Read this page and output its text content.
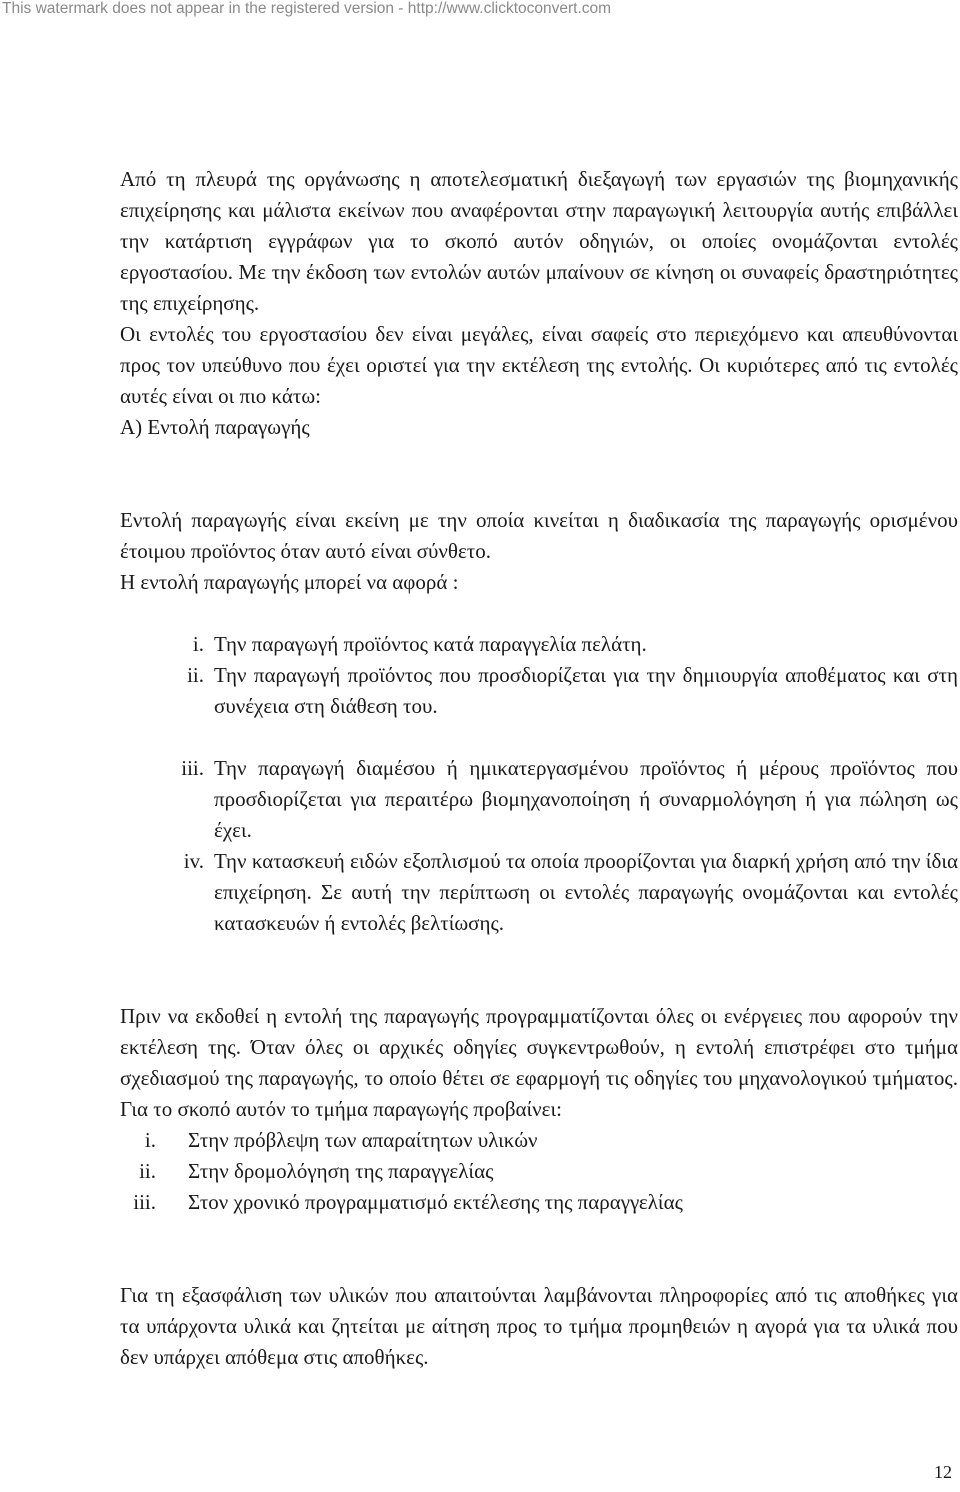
This watermark does not appear in the registered version - http://www.clicktoconvert.com

Από τη πλευρά της οργάνωσης η αποτελεσματική διεξαγωγή των εργασιών της βιομηχανικής επιχείρησης και μάλιστα εκείνων που αναφέρονται στην παραγωγική λειτουργία αυτής επιβάλλει την κατάρτιση εγγράφων για το σκοπό αυτόν οδηγιών, οι οποίες ονομάζονται εντολές εργοστασίου. Με την έκδοση των εντολών αυτών μπαίνουν σε κίνηση οι συναφείς δραστηριότητες της επιχείρησης.

Οι εντολές του εργοστασίου δεν είναι μεγάλες, είναι σαφείς στο περιεχόμενο και απευθύνονται προς τον υπεύθυνο που έχει οριστεί για την εκτέλεση της εντολής. Οι κυριότερες από τις εντολές αυτές είναι οι πιο κάτω:

Α) Εντολή παραγωγής

Εντολή παραγωγής είναι εκείνη με την οποία κινείται η διαδικασία της παραγωγής ορισμένου έτοιμου προϊόντος όταν αυτό είναι σύνθετο.

Η εντολή παραγωγής μπορεί να αφορά :

i. Την παραγωγή προϊόντος κατά παραγγελία πελάτη.
ii. Την παραγωγή προϊόντος που προσδιορίζεται για την δημιουργία αποθέματος και στη συνέχεια στη διάθεση του.
iii. Την παραγωγή διαμέσου ή ημικατεργασμένου προϊόντος ή μέρους προϊόντος που προσδιορίζεται για περαιτέρω βιομηχανοποίηση ή συναρμολόγηση ή για πώληση ως έχει.
iv. Την κατασκευή ειδών εξοπλισμού τα οποία προορίζονται για διαρκή χρήση από την ίδια επιχείρηση. Σε αυτή την περίπτωση οι εντολές παραγωγής ονομάζονται και εντολές κατασκευών ή εντολές βελτίωσης.

Πριν να εκδοθεί η εντολή της παραγωγής προγραμματίζονται όλες οι ενέργειες που αφορούν την εκτέλεση της. Όταν όλες οι αρχικές οδηγίες συγκεντρωθούν, η εντολή επιστρέφει στο τμήμα σχεδιασμού της παραγωγής, το οποίο θέτει σε εφαρμογή τις οδηγίες του μηχανολογικού τμήματος. Για το σκοπό αυτόν το τμήμα παραγωγής προβαίνει:

i.	Στην πρόβλεψη των απαραίτητων υλικών
ii.	Στην δρομολόγηση της παραγγελίας
iii.	Στον χρονικό προγραμματισμό εκτέλεσης της παραγγελίας

Για τη εξασφάλιση των υλικών που απαιτούνται λαμβάνονται πληροφορίες από τις αποθήκες για τα υπάρχοντα υλικά και ζητείται με αίτηση προς το τμήμα προμηθειών η αγορά για τα υλικά που δεν υπάρχει απόθεμα στις αποθήκες.

12
